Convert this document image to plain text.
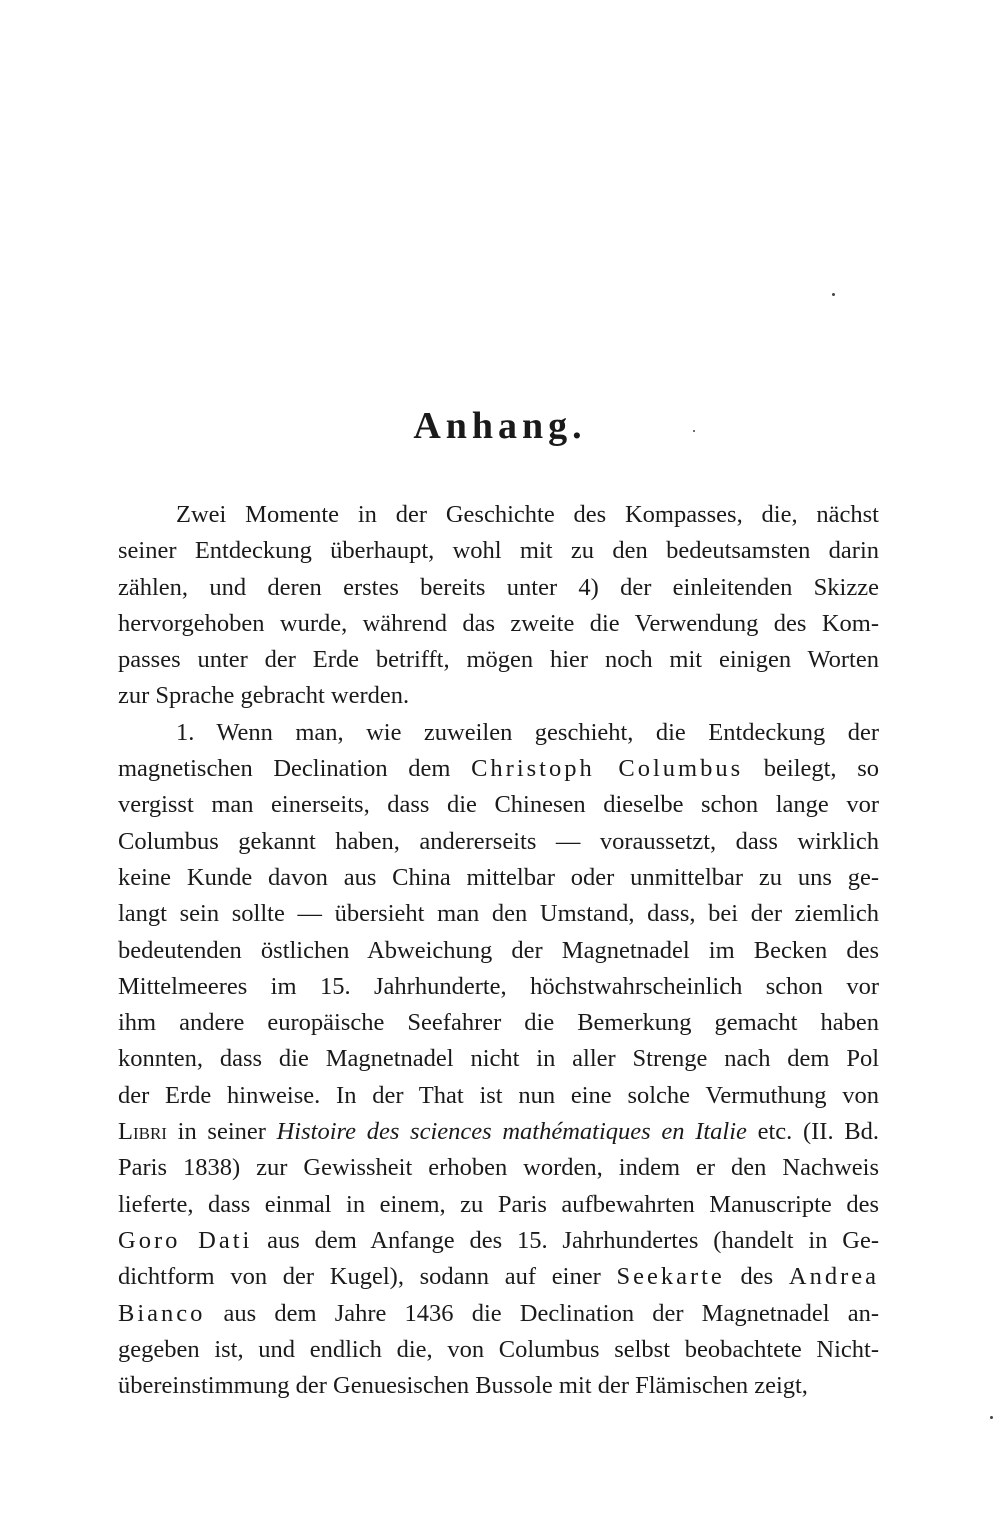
Anhang.
Zwei Momente in der Geschichte des Kompasses, die, nächst
seiner Entdeckung überhaupt, wohl mit zu den bedeutsamsten darin
zählen, und deren erstes bereits unter 4) der einleitenden Skizze
hervorgehoben wurde, während das zweite die Verwendung des Kom-
passes unter der Erde betrifft, mögen hier noch mit einigen Worten
zur Sprache gebracht werden.
1. Wenn man, wie zuweilen geschieht, die Entdeckung der
magnetischen Declination dem Christoph Columbus beilegt, so
vergisst man einerseits, dass die Chinesen dieselbe schon lange vor
Columbus gekannt haben, andererseits — voraussetzt, dass wirklich
keine Kunde davon aus China mittelbar oder unmittelbar zu uns ge-
langt sein sollte — übersieht man den Umstand, dass, bei der ziemlich
bedeutenden östlichen Abweichung der Magnetnadel im Becken des
Mittelmeeres im 15. Jahrhunderte, höchstwahrscheinlich schon vor
ihm andere europäische Seefahrer die Bemerkung gemacht haben
konnten, dass die Magnetnadel nicht in aller Strenge nach dem Pol
der Erde hinweise. In der That ist nun eine solche Vermuthung von
Libri in seiner Histoire des sciences mathématiques en Italie etc. (II. Bd.
Paris 1838) zur Gewissheit erhoben worden, indem er den Nachweis
lieferte, dass einmal in einem, zu Paris aufbewahrten Manuscripte des
Goro Dati aus dem Anfange des 15. Jahrhundertes (handelt in Ge-
dichtform von der Kugel), sodann auf einer Seekarte des Andrea
Bianco aus dem Jahre 1436 die Declination der Magnetnadel an-
gegeben ist, und endlich die, von Columbus selbst beobachtete Nicht-
übereinstimmung der Genuesischen Bussole mit der Flämischen zeigt,
